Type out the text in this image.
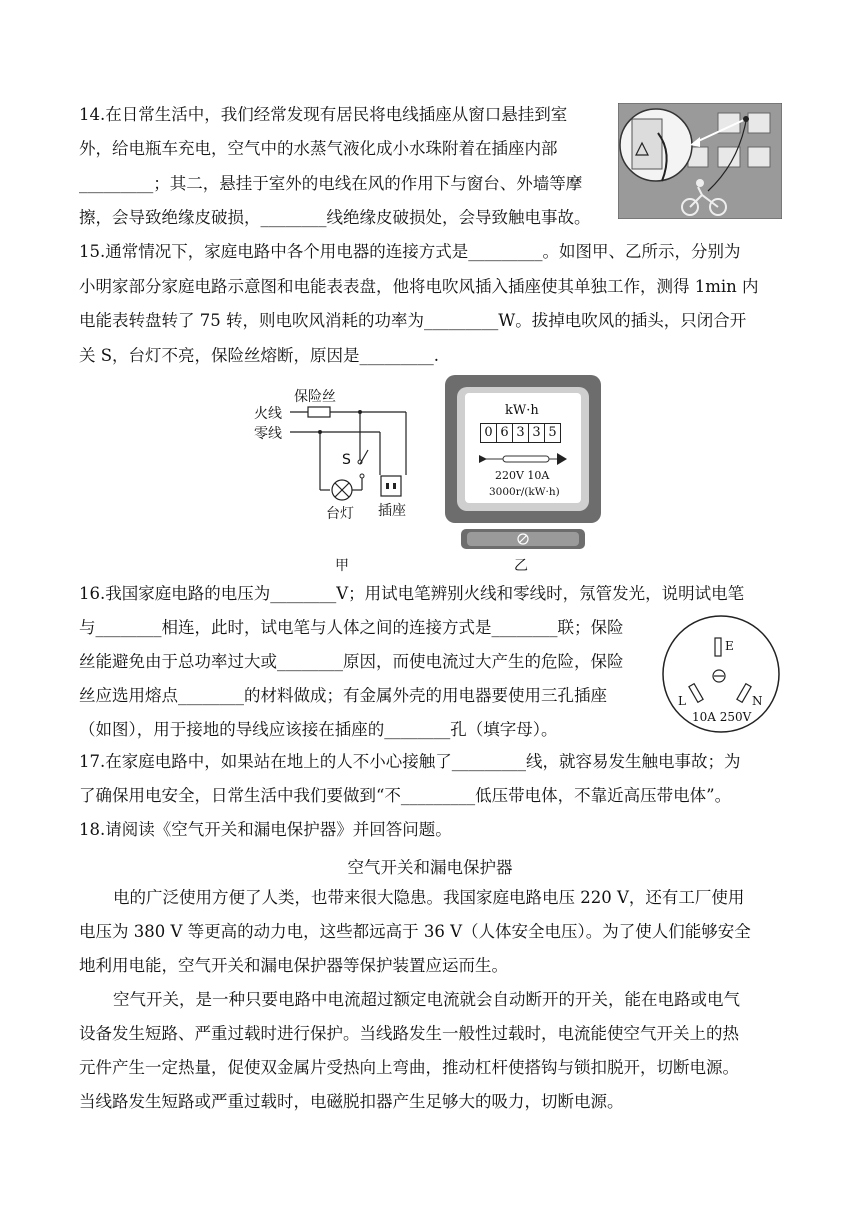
14.在日常生活中，我们经常发现有居民将电线插座从窗口悬挂到室
外，给电瓶车充电，空气中的水蒸气液化成小水珠附着在插座内部
_________；其二，悬挂于室外的电线在风的作用下与窗台、外墙等摩
擦，会导致绝缘皮破损，________线绝缘皮破损处，会导致触电事故。
15.通常情况下，家庭电路中各个用电器的连接方式是_________。如图甲、乙所示，分别为
小明家部分家庭电路示意图和电能表表盘，他将电吹风插入插座使其单独工作，测得 1min 内
电能表转盘转了 75 转，则电吹风消耗的功率为_________W。拔掉电吹风的插头，只闭合开
关 S，台灯不亮，保险丝熔断，原因是_________.
保险丝
火线
零线
S
台灯 插座
甲
kW·h
0 6 3 3 5
220V 10A
3000r/(kW·h)
乙
16.我国家庭电路的电压为________V；用试电笔辨别火线和零线时，氖管发光，说明试电笔
与________相连，此时，试电笔与人体之间的连接方式是________联；保险
丝能避免由于总功率过大或________原因，而使电流过大产生的危险，保险
丝应选用熔点________的材料做成；有金属外壳的用电器要使用三孔插座
（如图），用于接地的导线应该接在插座的________孔（填字母）。
E
L	N
10A 250V
17.在家庭电路中，如果站在地上的人不小心接触了_________线，就容易发生触电事故；为
了确保用电安全，日常生活中我们要做到“不_________低压带电体，不靠近高压带电体”。
18.请阅读《空气开关和漏电保护器》并回答问题。
空气开关和漏电保护器
电的广泛使用方便了人类，也带来很大隐患。我国家庭电路电压 220 V，还有工厂使用
电压为 380 V 等更高的动力电，这些都远高于 36 V（人体安全电压）。为了使人们能够安全
地利用电能，空气开关和漏电保护器等保护装置应运而生。
空气开关，是一种只要电路中电流超过额定电流就会自动断开的开关，能在电路或电气
设备发生短路、严重过载时进行保护。当线路发生一般性过载时，电流能使空气开关上的热
元件产生一定热量，促使双金属片受热向上弯曲，推动杠杆使搭钩与锁扣脱开，切断电源。
当线路发生短路或严重过载时，电磁脱扣器产生足够大的吸力，切断电源。
